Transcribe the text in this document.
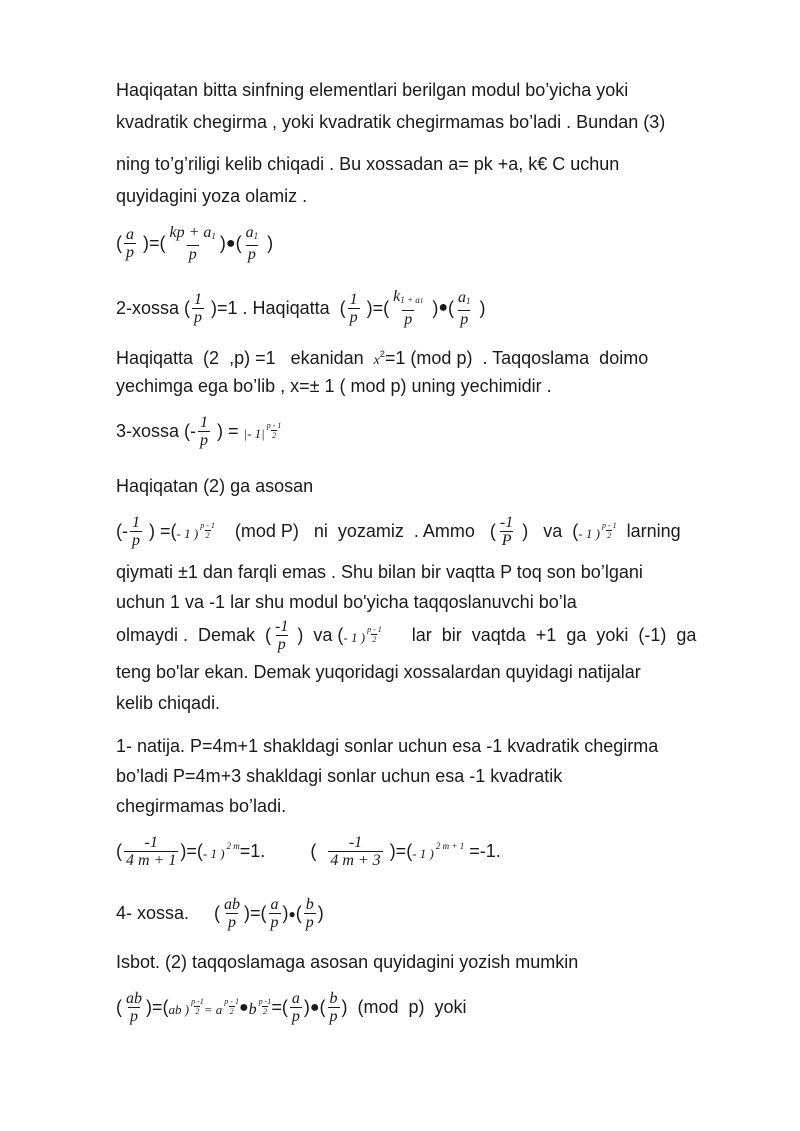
Haqiqatan bitta sinfning elementlari berilgan modul bo’yicha yoki
kvadratik chegirma , yoki kvadratik chegirmamas bo’ladi . Bundan (3)
ning to’g’riligi kelib chiqadi . Bu xossadan a= pk +a, k€ C uchun
quyidagini yoza olamiz .
( $\frac{a}{p}$ )=( $\frac{kp + a_1}{p}$ ) ● ( $\frac{a_1}{p}$ )
2-xossa ( $\frac{1}{p} )=1$ . Haqiqatta  ( $\frac{1}{p}$ )=( $\frac{k_{1 + a1}}{p}$ ) ● ( $\frac{a_1}{p}$ )
Haqiqatta  (2  ,p) =1   ekanidan  $x^2=1$ (mod p)  . Taqqoslama  doimo
yechimga ega bo’lib , x=± 1 ( mod p) uning yechimidir .
3-xossa (- $\frac{1}{p}$ ) = |- $1| \frac{p - 1}{2}$
Haqiqatan (2) ga asosan
(- $\frac{1}{p}$ ) =( - 1 ) $\frac{p - 1}{2} (mod$ P)   ni  yozamiz  . Ammo   ( $\frac{-1}{P}$ )   va  ( - 1 ) $\frac{p - 1}{2}$ larning
qiymati ±1 dan farqli emas . Shu bilan bir vaqtta P toq son bo’lgani
uchun 1 va -1 lar shu modul bo'yicha taqqoslanuvchi bo’la
olmaydi .  Demak  ( $\frac{-1}{p}$ )  va ( - 1 ) $\frac{p - 1}{2}$ lar  bir  vaqtda  +1  ga  yoki  (-1)  ga
teng bo'lar ekan. Demak yuqoridagi xossalardan quyidagi natijalar
kelib chiqadi.
1- natija. P=4m+1 shakldagi sonlar uchun esa -1 kvadratik chegirma
bo’ladi P=4m+3 shakldagi sonlar uchun esa -1 kvadratik
chegirmamas bo’ladi.
( $\frac{-1}{4 m + 1}$ )=( - 1 ) $^{2 m}$ =1. ( $\frac{-1}{4 m + 3}$ )=( - 1 ) $^{2 m + 1}$ =-1.
4- xossa.     ( $\frac{ab}{p}$ )=( $\frac{a}{p}$ ) ● ( $\frac{b}{p}$ )
Isbot. (2) taqqoslamaga asosan quyidagini yozish mumkin
( $\frac{ab}{p}$ )=( ab ) $\frac{p -1}{2} = a \frac{p - 1}{2}$ ● b $\frac{p -1}{2}$ =( $\frac{a}{p}$ ) ● ( $\frac{b}{p}$ )  (mod  p)  yoki
